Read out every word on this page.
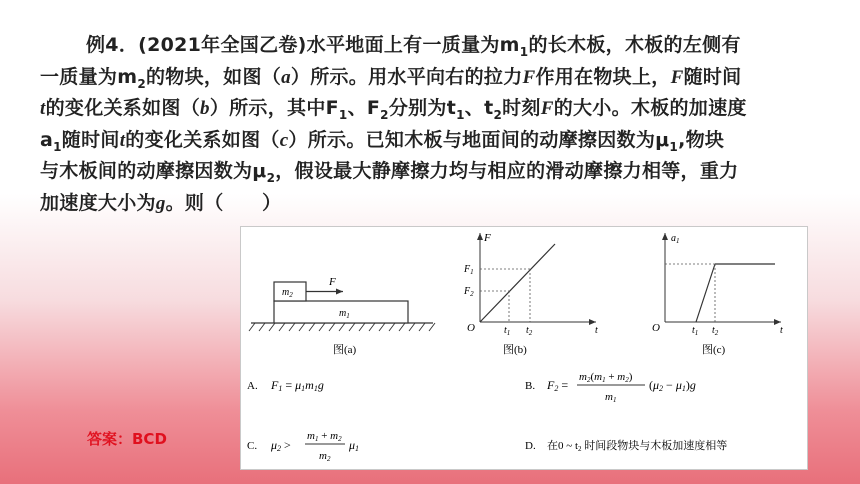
例4．(2021年全国乙卷)水平地面上有一质量为$m_1$的长木板，木板的左侧有
一质量为$m_2$的物块，如图（a）所示。用水平向右的拉力F作用在物块上，F随时间
t的变化关系如图（b）所示，其中$F_1$、$F_2$分别为$t_1$、$t_2$时刻F的大小。木板的加速度
$a_1$随时间t的变化关系如图（c）所示。已知木板与地面间的动摩擦因数为$\mu_1$,物块
与木板间的动摩擦因数为$\mu_2$，假设最大静摩擦力均与相应的滑动摩擦力相等，重力
加速度大小为g。则（　　）
$m_1$
$m_2$
F
图(a)
F
t
O
$F_1$
$F_2$
$t_1$ $t_2$
图(b)
$a_1$
t
O	$t_1$ $t_2$
图(c)
A. F1 = μ1m1g	B. F2 =
m2(m1 + m2)
m1
(μ2 − μ1)g
C. μ2 >
m1 + m2
m2
μ1	D. 在0 ~ t2 时间段物块与木板加速度相等
答案：BCD
